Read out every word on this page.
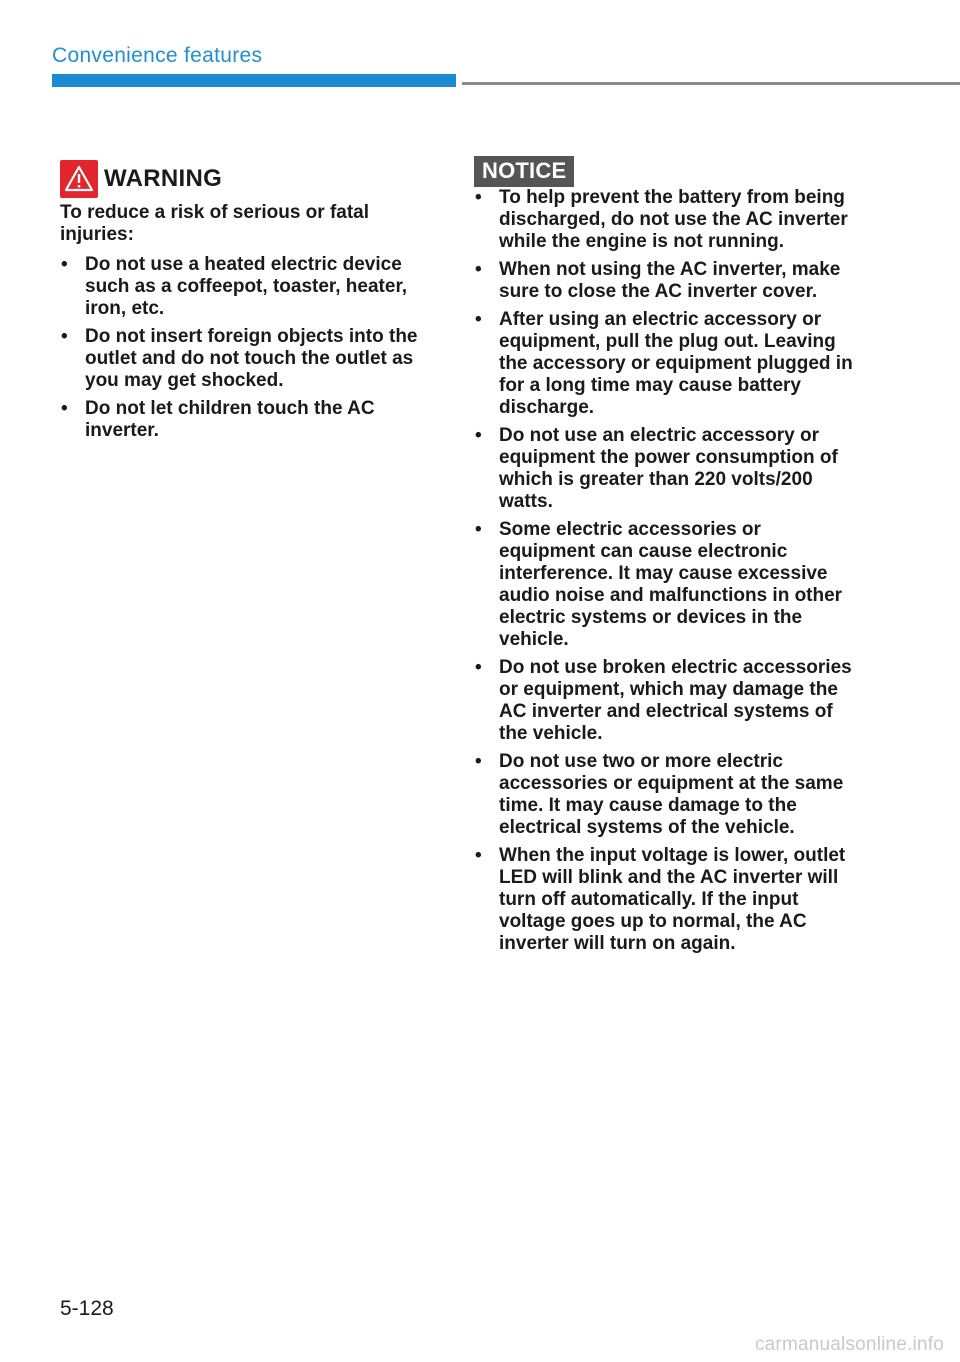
Convenience features
WARNING
To reduce a risk of serious or fatal injuries:
• Do not use a heated electric device such as a coffeepot, toaster, heater, iron, etc.
• Do not insert foreign objects into the outlet and do not touch the outlet as you may get shocked.
• Do not let children touch the AC inverter.
NOTICE
• To help prevent the battery from being discharged, do not use the AC inverter while the engine is not running.
• When not using the AC inverter, make sure to close the AC inverter cover.
• After using an electric accessory or equipment, pull the plug out. Leaving the accessory or equipment plugged in for a long time may cause battery discharge.
• Do not use an electric accessory or equipment the power consumption of which is greater than 220 volts/200 watts.
• Some electric accessories or equipment can cause electronic interference. It may cause excessive audio noise and malfunctions in other electric systems or devices in the vehicle.
• Do not use broken electric accessories or equipment, which may damage the AC inverter and electrical systems of the vehicle.
• Do not use two or more electric accessories or equipment at the same time. It may cause damage to the electrical systems of the vehicle.
• When the input voltage is lower, outlet LED will blink and the AC inverter will turn off automatically. If the input voltage goes up to normal, the AC inverter will turn on again.
5-128
carmanualsonline.info
